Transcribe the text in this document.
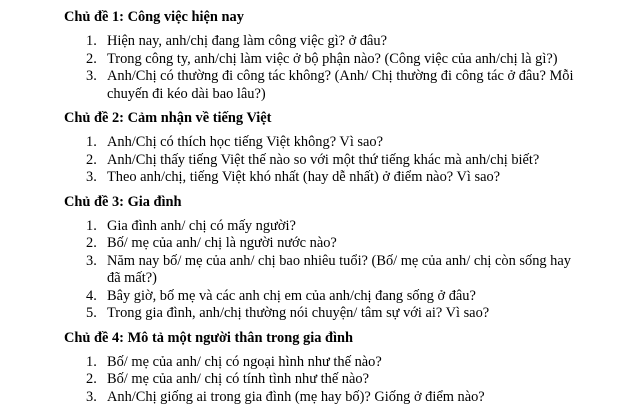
Chủ đề 1: Công việc hiện nay
1. Hiện nay, anh/chị đang làm công việc gì? ở đâu?
2. Trong công ty, anh/chị làm việc ở bộ phận nào? (Công việc của anh/chị là gì?)
3. Anh/Chị có thường đi công tác không? (Anh/ Chị thường đi công tác ở đâu? Mỗi chuyến đi kéo dài bao lâu?)
Chủ đề 2: Cảm nhận về tiếng Việt
1. Anh/Chị có thích học tiếng Việt không? Vì sao?
2. Anh/Chị thấy tiếng Việt thế nào so với một thứ tiếng khác mà anh/chị biết?
3. Theo anh/chị, tiếng Việt khó nhất (hay dễ nhất) ở điểm nào? Vì sao?
Chủ đề 3: Gia đình
1. Gia đình anh/ chị có mấy người?
2. Bố/ mẹ của anh/ chị là người nước nào?
3. Năm nay bố/ mẹ của anh/ chị bao nhiêu tuổi? (Bố/ mẹ của anh/ chị còn sống hay đã mất?)
4. Bây giờ, bố mẹ và các anh chị em của anh/chị đang sống ở đâu?
5. Trong gia đình, anh/chị thường nói chuyện/ tâm sự với ai? Vì sao?
Chủ đề 4: Mô tả một người thân trong gia đình
1. Bố/ mẹ của anh/ chị có ngoại hình như thế nào?
2. Bố/ mẹ của anh/ chị có tính tình như thế nào?
3. Anh/Chị giống ai trong gia đình (mẹ hay bố)? Giống ở điểm nào?
